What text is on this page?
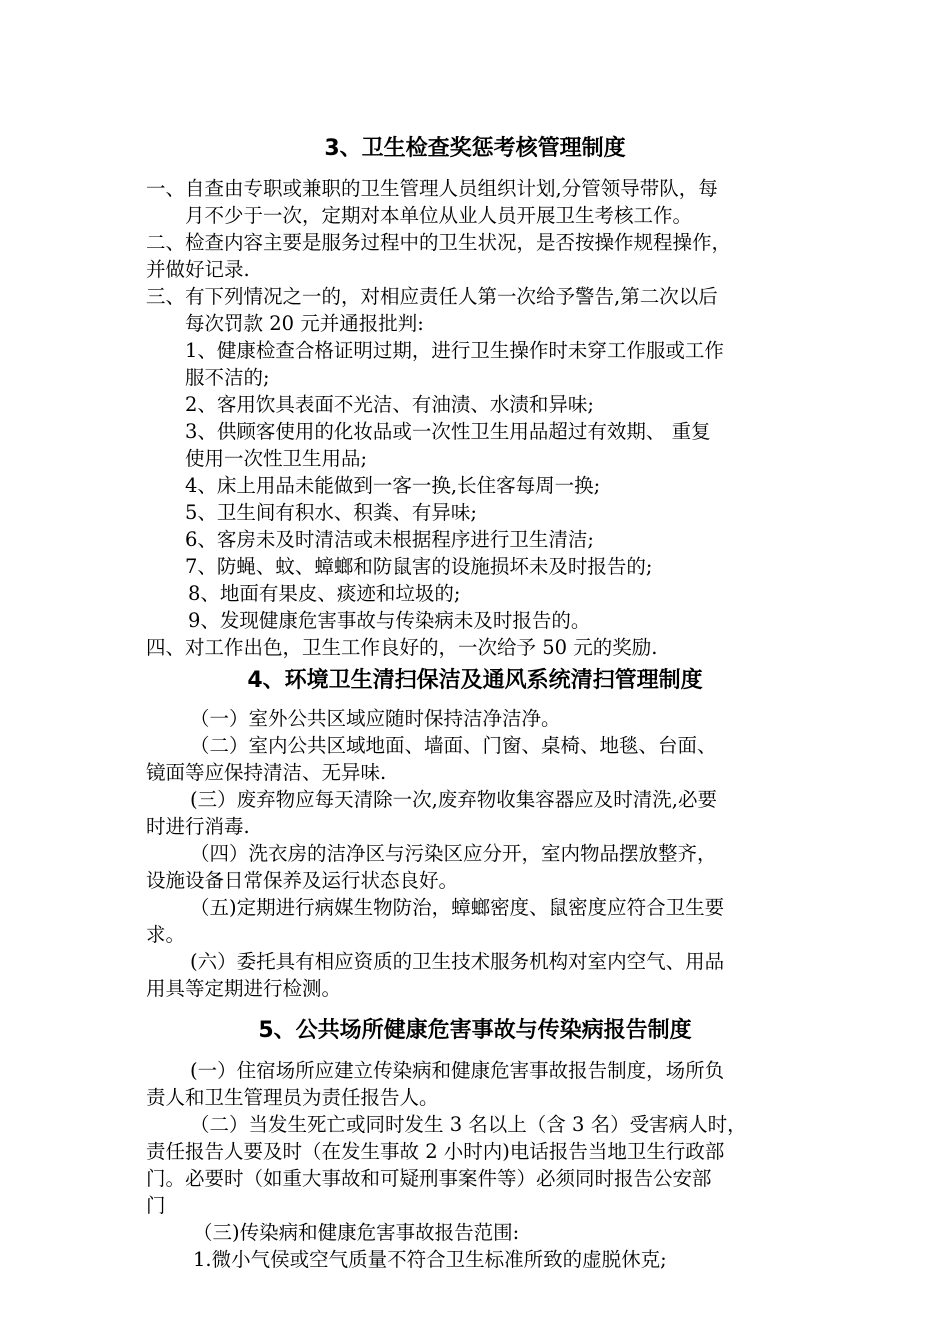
3、卫生检查奖惩考核管理制度
一、自查由专职或兼职的卫生管理人员组织计划,分管领导带队，每
月不少于一次，定期对本单位从业人员开展卫生考核工作。
二、检查内容主要是服务过程中的卫生状况，是否按操作规程操作，
并做好记录.
三、有下列情况之一的，对相应责任人第一次给予警告,第二次以后
每次罚款 20 元并通报批判:
1、健康检查合格证明过期，进行卫生操作时未穿工作服或工作
服不洁的;
2、客用饮具表面不光洁、有油渍、水渍和异味;
3、供顾客使用的化妆品或一次性卫生用品超过有效期、 重复
使用一次性卫生用品;
4、床上用品未能做到一客一换,长住客每周一换;
5、卫生间有积水、积粪、有异味;
6、客房未及时清洁或未根据程序进行卫生清洁;
7、防蝇、蚊、蟑螂和防鼠害的设施损坏未及时报告的;
8、地面有果皮、痰迹和垃圾的;
9、发现健康危害事故与传染病未及时报告的。
四、对工作出色，卫生工作良好的，一次给予 50 元的奖励.
4、环境卫生清扫保洁及通风系统清扫管理制度
（一）室外公共区域应随时保持洁净洁净。
（二）室内公共区域地面、墙面、门窗、桌椅、地毯、台面、
镜面等应保持清洁、无异味.
(三）废弃物应每天清除一次,废弃物收集容器应及时清洗,必要
时进行消毒.
（四）洗衣房的洁净区与污染区应分开，室内物品摆放整齐，
设施设备日常保养及运行状态良好。
（五)定期进行病媒生物防治，蟑螂密度、鼠密度应符合卫生要
求。
(六）委托具有相应资质的卫生技术服务机构对室内空气、用品
用具等定期进行检测。
5、公共场所健康危害事故与传染病报告制度
(一）住宿场所应建立传染病和健康危害事故报告制度，场所负
责人和卫生管理员为责任报告人。
（二）当发生死亡或同时发生 3 名以上（含 3 名）受害病人时，
责任报告人要及时（在发生事故 2 小时内)电话报告当地卫生行政部
门。必要时（如重大事故和可疑刑事案件等）必须同时报告公安部
门
（三)传染病和健康危害事故报告范围:
1.微小气侯或空气质量不符合卫生标准所致的虚脱休克;
